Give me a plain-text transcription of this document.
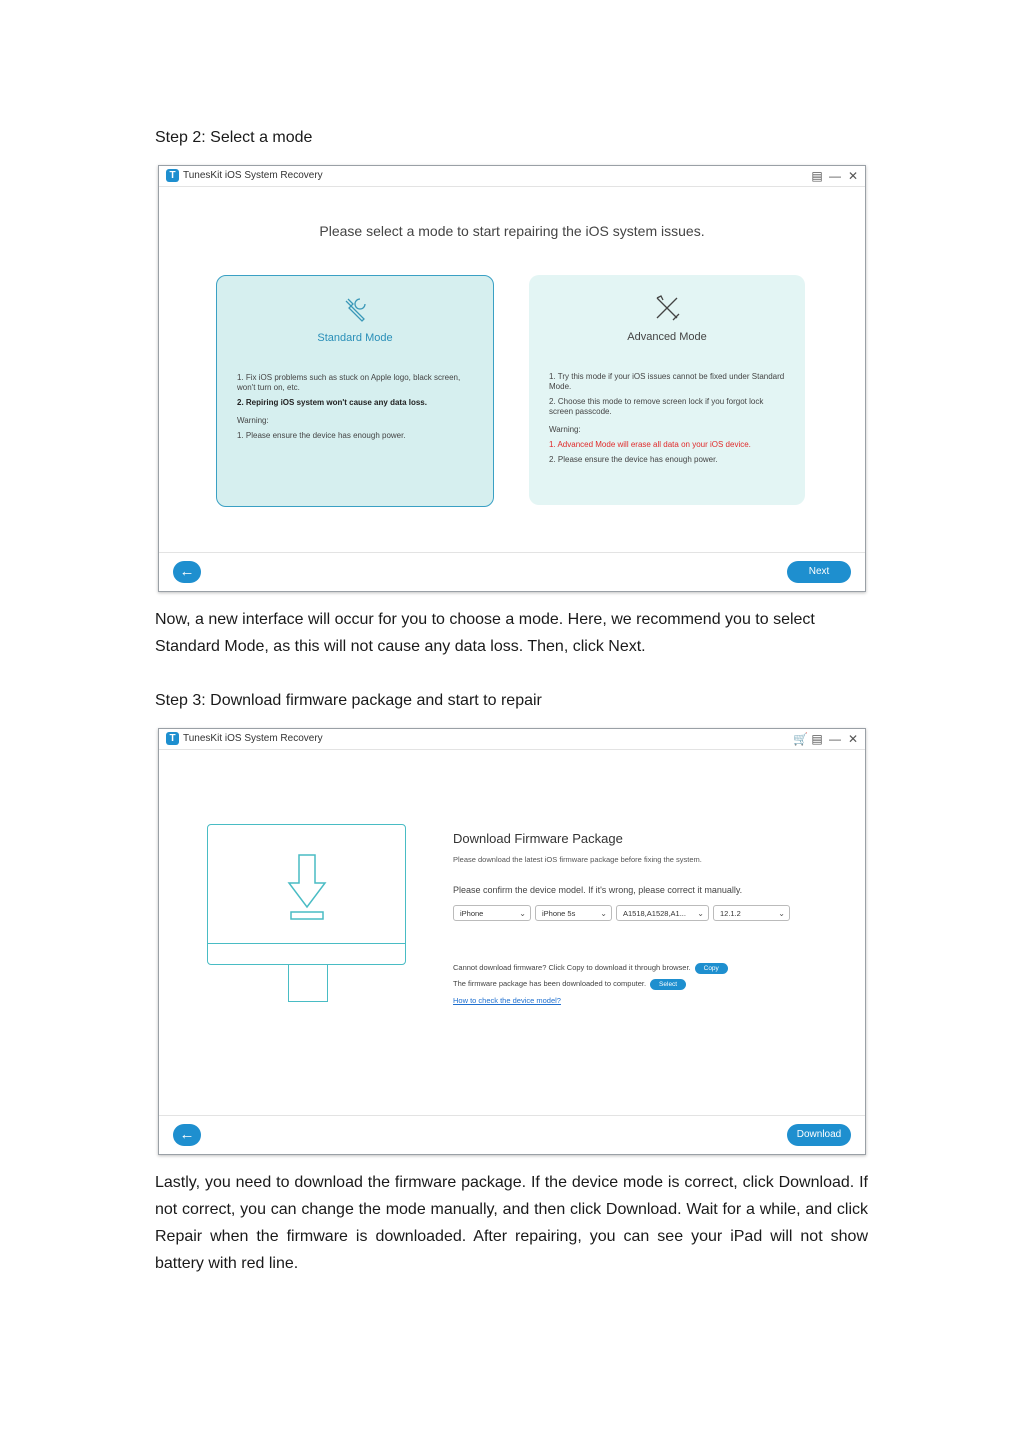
Step 2: Select a mode
T TunesKit iOS System Recovery	▤ — ✕
Please select a mode to start repairing the iOS system issues.
Standard Mode

1. Fix iOS problems such as stuck on Apple logo, black screen, won't turn on, etc.

2. Repiring iOS system won't cause any data loss.

Warning:

1. Please ensure the device has enough power.

Advanced Mode

1. Try this mode if your iOS issues cannot be fixed under Standard Mode.

2. Choose this mode to remove screen lock if you forgot lock screen passcode.

Warning:

1. Advanced Mode will erase all data on your iOS device.

2. Please ensure the device has enough power.

←	Next
Now, a new interface will occur for you to choose a mode. Here, we recommend you to select Standard Mode, as this will not cause any data loss. Then, click Next.
Step 3: Download firmware package and start to repair
T TunesKit iOS System Recovery	🛒 ▤ — ✕
Download Firmware Package
Please download the latest iOS firmware package before fixing the system.
Please confirm the device model. If it's wrong, please correct it manually.
iPhone	⌄	iPhone 5s	⌄	A1518,A1528,A1... ⌄	12.1.2	⌄
Cannot download firmware? Click Copy to download it through browser. Copy
The firmware package has been downloaded to computer. Select
How to check the device model?
←	Download
Lastly, you need to download the firmware package. If the device mode is correct, click Download. If not correct, you can change the mode manually, and then click Download. Wait for a while, and click Repair when the firmware is downloaded. After repairing, you can see your iPad will not show battery with red line.
